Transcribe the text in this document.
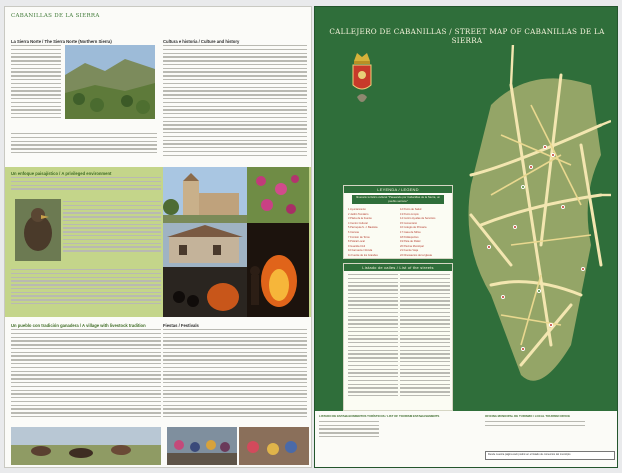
CABANILLAS DE LA SIERRA
La Sierra Norte / The Sierra Norte (Northern Sierra)	Cultura e historia / Culture and history
Un enfoque paisajístico / A privileged environment
Un pueblo con tradición ganadera / A village with livestock tradition	Fiestas / Festivals
CALLEJERO DE CABANILLAS / STREET MAP OF CABANILLAS DE LA SIERRA
LEYENDA / LEGEND
Itinerario turístico cultural "Paseando por Cabanillas de la Sierra, un pueblo serrano"
1 Ayuntamiento
2 Jardín Temático
3 Plaza de la Fuente
4 Centro Cultural
5 Parroquia S. J. Bautista
6 Ciervas
7 Frontón de Toros
8 Polical Local
9 Guardia Civil
10 Farmacia / Ronda
11 Fuente de los Grandes
12 Punto de Salud
13 Punto Limpio
14 Centro Ayudas de Servicios
15 Cementerio
16 Colegio de Primaria
17 Casa de Niños
18 Polideportivo
19 Pista de Pádel
20 Piscina Municipal
21 Fuente Vieja
22 Dinosaurios de la Iglesia
Listado de calles / List of the streets
LISTADO DE ESTABLECIMIENTOS TURÍSTICOS / LIST OF TOURISM ESTABLISHMENTS	OFICINA MUNICIPAL DE TURISMO / LOCAL TOURISM OFFICE
Desde nuestra página web podrá ver el listado de comercios del municipio
